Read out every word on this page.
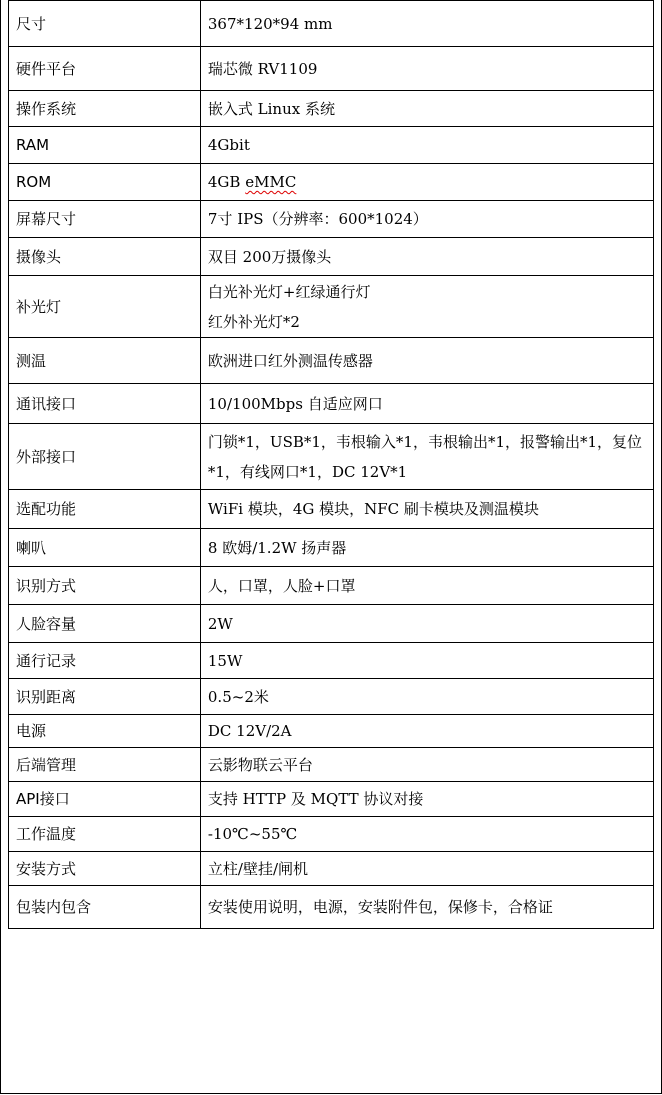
尺寸	367*120*94 mm
硬件平台	瑞芯微 RV1109
操作系统	嵌入式 Linux 系统
RAM	4Gbit
ROM	4GB eMMC
屏幕尺寸	7寸 IPS（分辨率：600*1024）
摄像头	双目 200万摄像头
补光灯	白光补光灯+红绿通行灯
红外补光灯*2

测温	欧洲进口红外测温传感器
通讯接口	10/100Mbps 自适应网口
外部接口	门锁*1，USB*1，韦根输入*1，韦根输出*1，报警输出*1，复位*1，有线网口*1，DC 12V*1
选配功能	WiFi 模块，4G 模块，NFC 刷卡模块及测温模块
喇叭	8 欧姆/1.2W 扬声器
识别方式	人，口罩，人脸+口罩
人脸容量	2W
通行记录	15W
识别距离	0.5~2米
电源	DC 12V/2A
后端管理	云影物联云平台
API接口	支持 HTTP 及 MQTT 协议对接
工作温度	-10℃~55℃
安装方式	立柱/壁挂/闸机
包装内包含	安装使用说明，电源，安装附件包，保修卡，合格证
